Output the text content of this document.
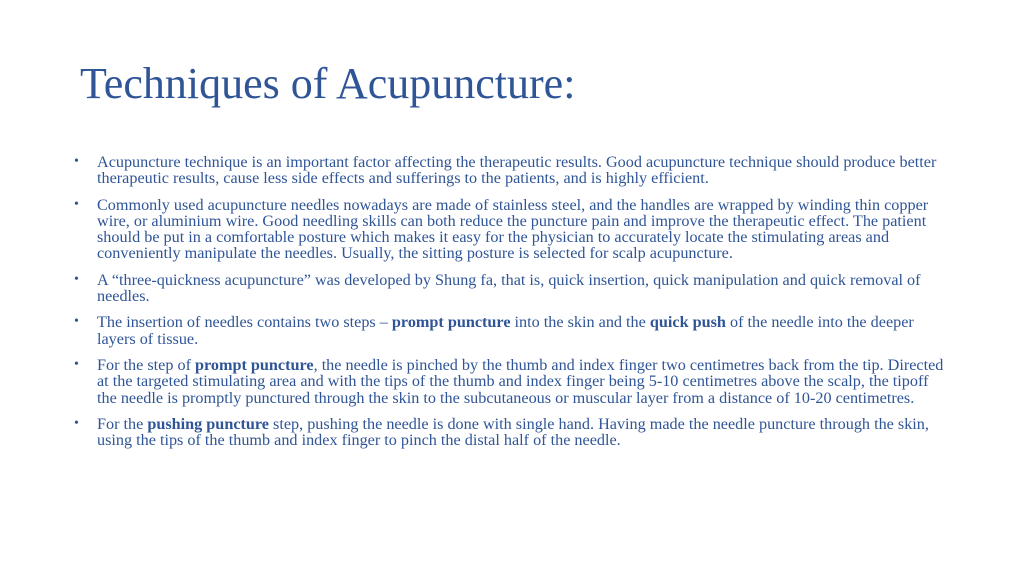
Techniques of Acupuncture:
• Acupuncture technique is an important factor affecting the therapeutic results. Good acupuncture technique should produce better therapeutic results, cause less side effects and sufferings to the patients, and is highly efficient.
• Commonly used acupuncture needles nowadays are made of stainless steel, and the handles are wrapped by winding thin copper wire, or aluminium wire. Good needling skills can both reduce the puncture pain and improve the therapeutic effect. The patient should be put in a comfortable posture which makes it easy for the physician to accurately locate the stimulating areas and conveniently manipulate the needles. Usually, the sitting posture is selected for scalp acupuncture.
• A “three-quickness acupuncture” was developed by Shung fa, that is, quick insertion, quick manipulation and quick removal of needles.
• The insertion of needles contains two steps – prompt puncture into the skin and the quick push of the needle into the deeper layers of tissue.
• For the step of prompt puncture, the needle is pinched by the thumb and index finger two centimetres back from the tip. Directed at the targeted stimulating area and with the tips of the thumb and index finger being 5-10 centimetres above the scalp, the tipoff the needle is promptly punctured through the skin to the subcutaneous or muscular layer from a distance of 10-20 centimetres.
• For the pushing puncture step, pushing the needle is done with single hand. Having made the needle puncture through the skin, using the tips of the thumb and index finger to pinch the distal half of the needle.
